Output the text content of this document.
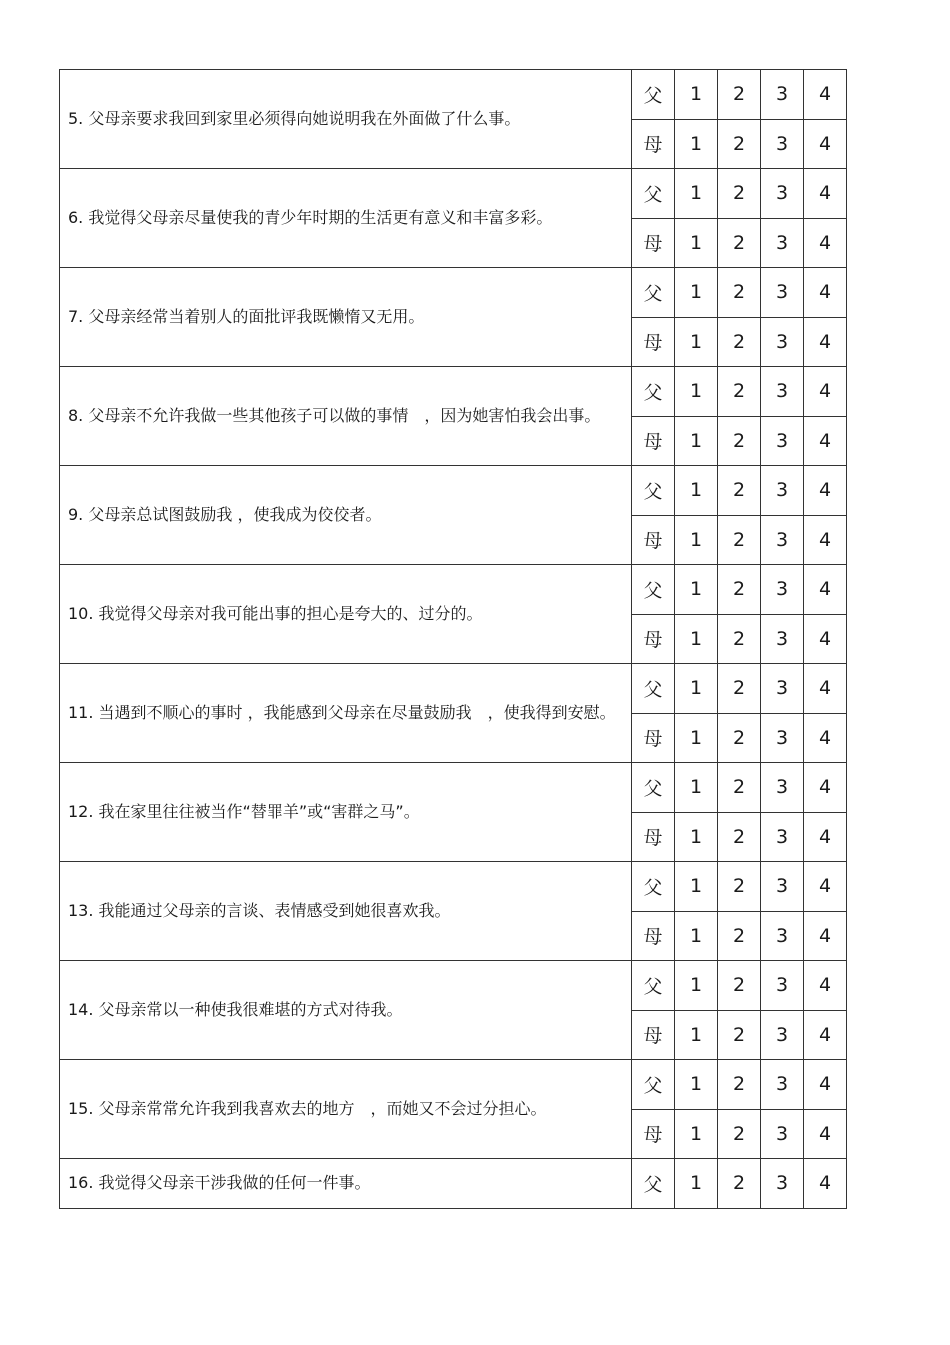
5. 父母亲要求我回到家里必须得向她说明我在外面做了什么事。	父	1	2	3	4
	母	1	2	3	4

6. 我觉得父母亲尽量使我的青少年时期的生活更有意义和丰富多彩。	父	1	2	3	4
	母	1	2	3	4

7. 父母亲经常当着别人的面批评我既懒惰又无用。	父	1	2	3	4
	母	1	2	3	4

8. 父母亲不允许我做一些其他孩子可以做的事情　，因为她害怕我会出事。	父	1	2	3	4
	母	1	2	3	4

9. 父母亲总试图鼓励我 ，使我成为佼佼者。	父	1	2	3	4
	母	1	2	3	4

10. 我觉得父母亲对我可能出事的担心是夸大的、过分的。	父	1	2	3	4
	母	1	2	3	4

11. 当遇到不顺心的事时 ，我能感到父母亲在尽量鼓励我　，使我得到安慰。	父	1	2	3	4
	母	1	2	3	4

12. 我在家里往往被当作“替罪羊”或“害群之马”。	父	1	2	3	4
	母	1	2	3	4

13. 我能通过父母亲的言谈、表情感受到她很喜欢我。	父	1	2	3	4
	母	1	2	3	4

14. 父母亲常以一种使我很难堪的方式对待我。	父	1	2	3	4
	母	1	2	3	4

15. 父母亲常常允许我到我喜欢去的地方　，而她又不会过分担心。	父	1	2	3	4
	母	1	2	3	4

16. 我觉得父母亲干涉我做的任何一件事。	父	1	2	3	4
